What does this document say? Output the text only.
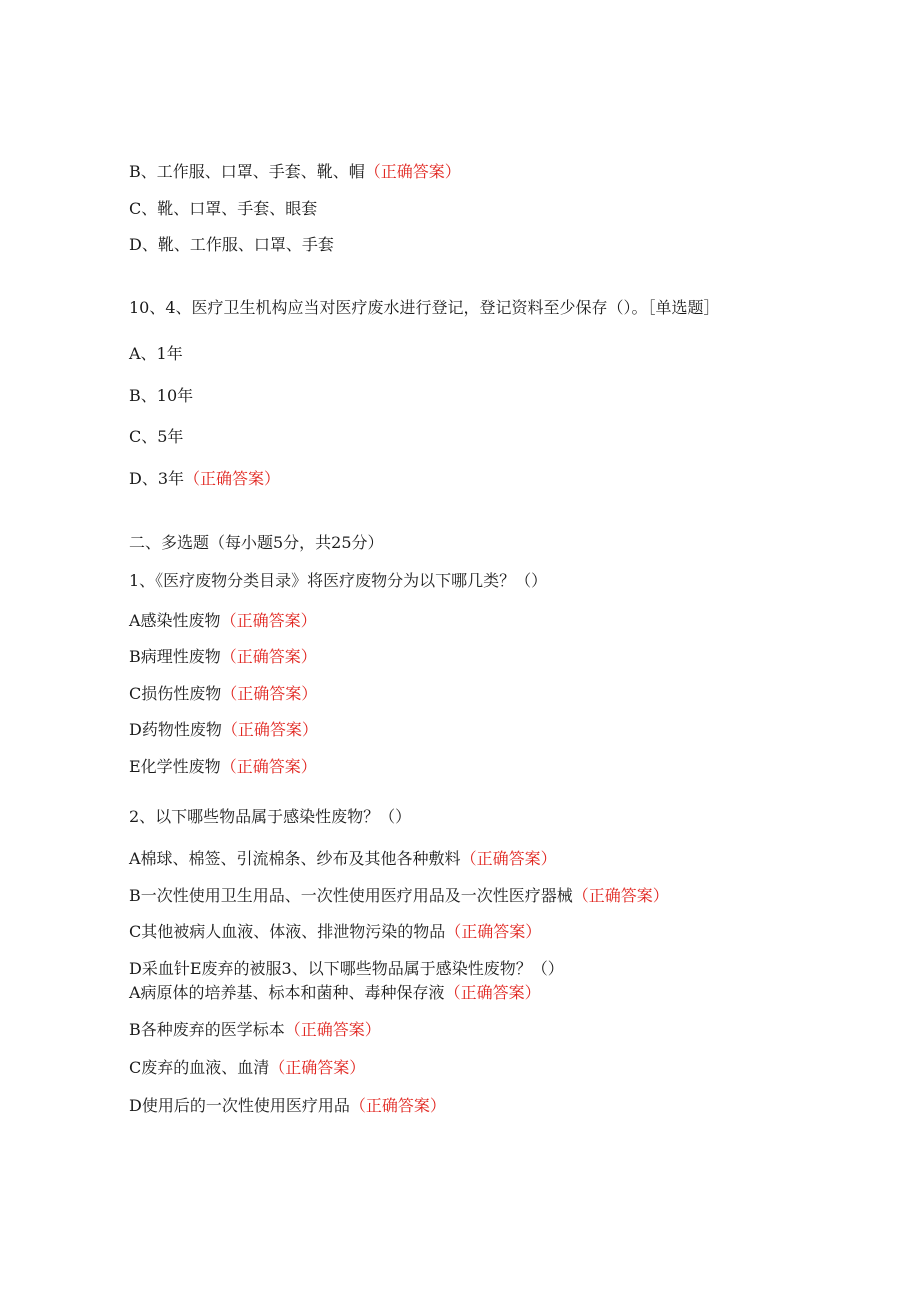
B、工作服、口罩、手套、靴、帽（正确答案）
C、靴、口罩、手套、眼套
D、靴、工作服、口罩、手套
10、4、医疗卫生机构应当对医疗废水进行登记，登记资料至少保存（）。［单选题］
A、1年
B、10年
C、5年
D、3年（正确答案）
二、多选题（每小题5分，共25分）
1、《医疗废物分类目录》将医疗废物分为以下哪几类？（）
A感染性废物（正确答案）
B病理性废物（正确答案）
C损伤性废物（正确答案）
D药物性废物（正确答案）
E化学性废物（正确答案）
2、以下哪些物品属于感染性废物？（）
A棉球、棉签、引流棉条、纱布及其他各种敷料（正确答案）
B一次性使用卫生用品、一次性使用医疗用品及一次性医疗器械（正确答案）
C其他被病人血液、体液、排泄物污染的物品（正确答案）
D采血针E废弃的被服3、以下哪些物品属于感染性废物？（）
A病原体的培养基、标本和菌种、毒种保存液（正确答案）
B各种废弃的医学标本（正确答案）
C废弃的血液、血清（正确答案）
D使用后的一次性使用医疗用品（正确答案）
